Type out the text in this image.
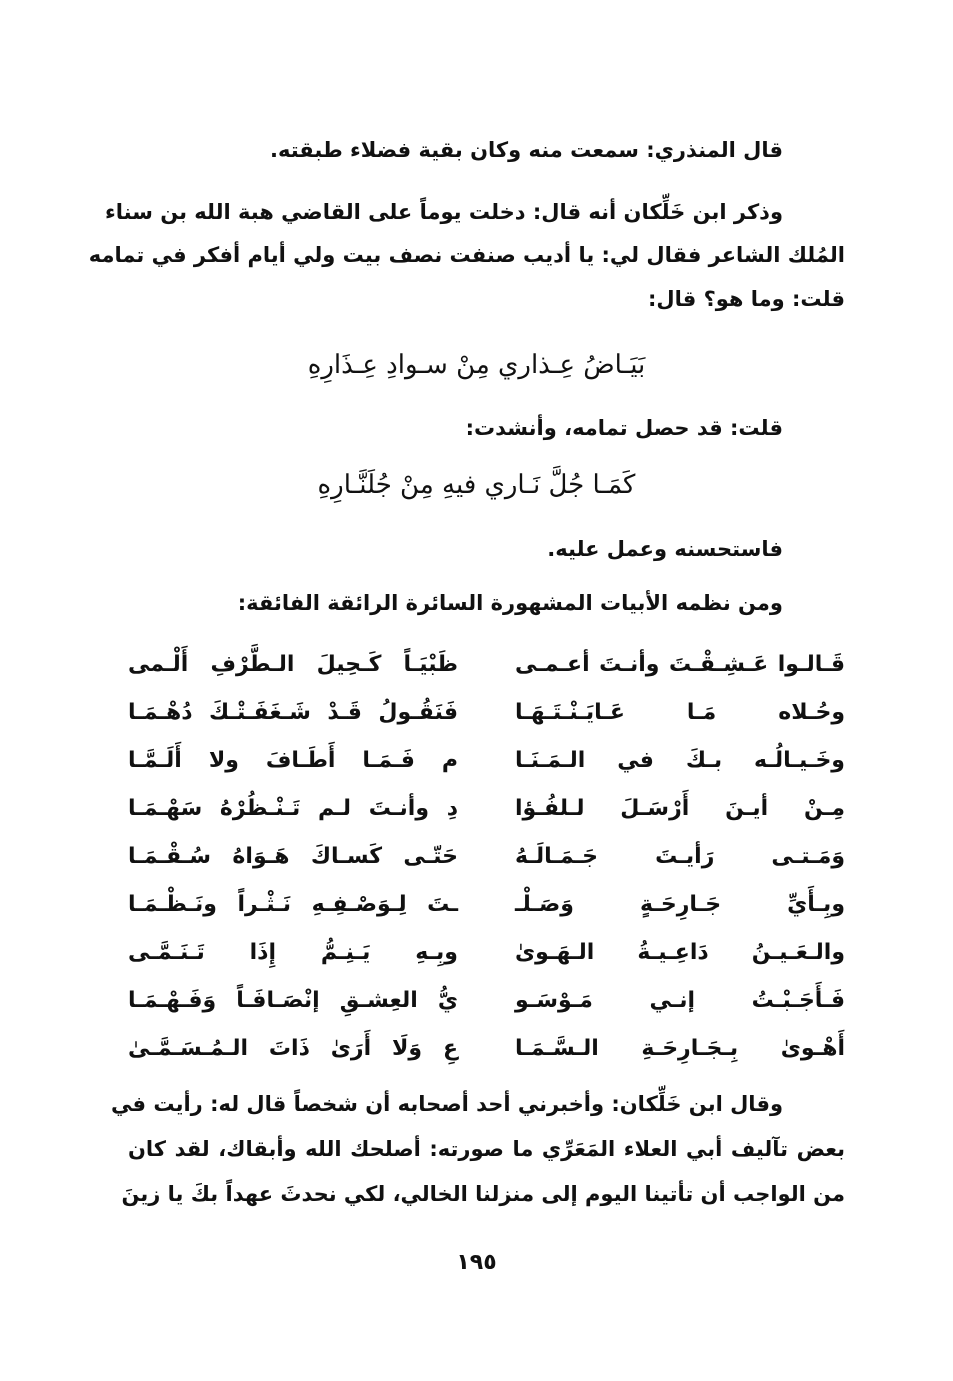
قال المنذري: سمعت منه وكان بقية فضلاء طبقته.
وذكر ابن خَلِّكان أنه قال: دخلت يوماً على القاضي هبة الله بن سناء
المُلك الشاعر فقال لي: يا أديب صنفت نصف بيت ولي أيام أفكر في تمامه
قلت: وما هو؟ قال:
بَيَـاضُ عِـذاري مِنْ سـوادِ عِـذَارِهِ
قلت: قد حصل تمامه، وأنشدت:
كَمَـا جُلَّ نَـاري فيهِ مِنْ جُلَنَّـارِهِ
فاستحسنه وعمل عليه.
ومن نظمه الأبيات المشهورة السائرة الرائقة الفائقة:
قَـالـوا عَـشِـقْـتَ وأنـتَ أعـمـى
ظَبْيَـاً كَـحِيلَ الـطَّرْفِ أَلْـمى
وحُـلاه مَـا عَـايَـنْـتَـهَـا
فَنَقُـولُ قَـدْ شَـغَفَـتْـكَ دُهْـمَـا
وخَـيـالُـه بـكَ في الـمَـنَـا
م فَـمَـا أَطَـافَ ولا أَلَـمَّـا
مِـنْ أيـنَ أَرْسَـلَ لـلفُـؤا
دِ وأنـتَ لـم تَـنْـظُرْهُ سَهْـمَـا
وَمَـتـى رَأيـتَ جَـمَـالَـهُ
حَتّـى كَسـاكَ هَـوَاهُ سُـقْـمَـا
وبِـأَيِّ جَـارِحَـةٍ وَصَـلْـ
ـتَ لِـوَصْـفِـهِ نَـثْـراً ونَـظْـمَـا
والـعَـيـنُ دَاعِـيـةُ الـهَـوىٰ
وبِـهِ يَـنِـمُّ إِذَا تَـنَـمَّـى
فَـأَجَـبْـتُ إنـي مَـوْسَـو
يُّ العِشـقِ إنْصَـافَـاً وَفَـهْـمَـا
أَهْـوىٰ بِـجَـارِحَـةِ الـسَّـمَـا
عِ وَلَا أَرَىٰ ذَاتَ الـمُـسَـمَّـىٰ
وقال ابن خَلِّكان: وأخبرني أحد أصحابه أن شخصاً قال له: رأيت في
بعض تآليف أبي العلاء المَعَرِّي ما صورته: أصلحك الله وأبقاك، لقد كان
من الواجب أن تأتينا اليوم إلى منزلنا الخالي، لكي نحدثَ عهداً بكَ يا زينَ
١٩٥
